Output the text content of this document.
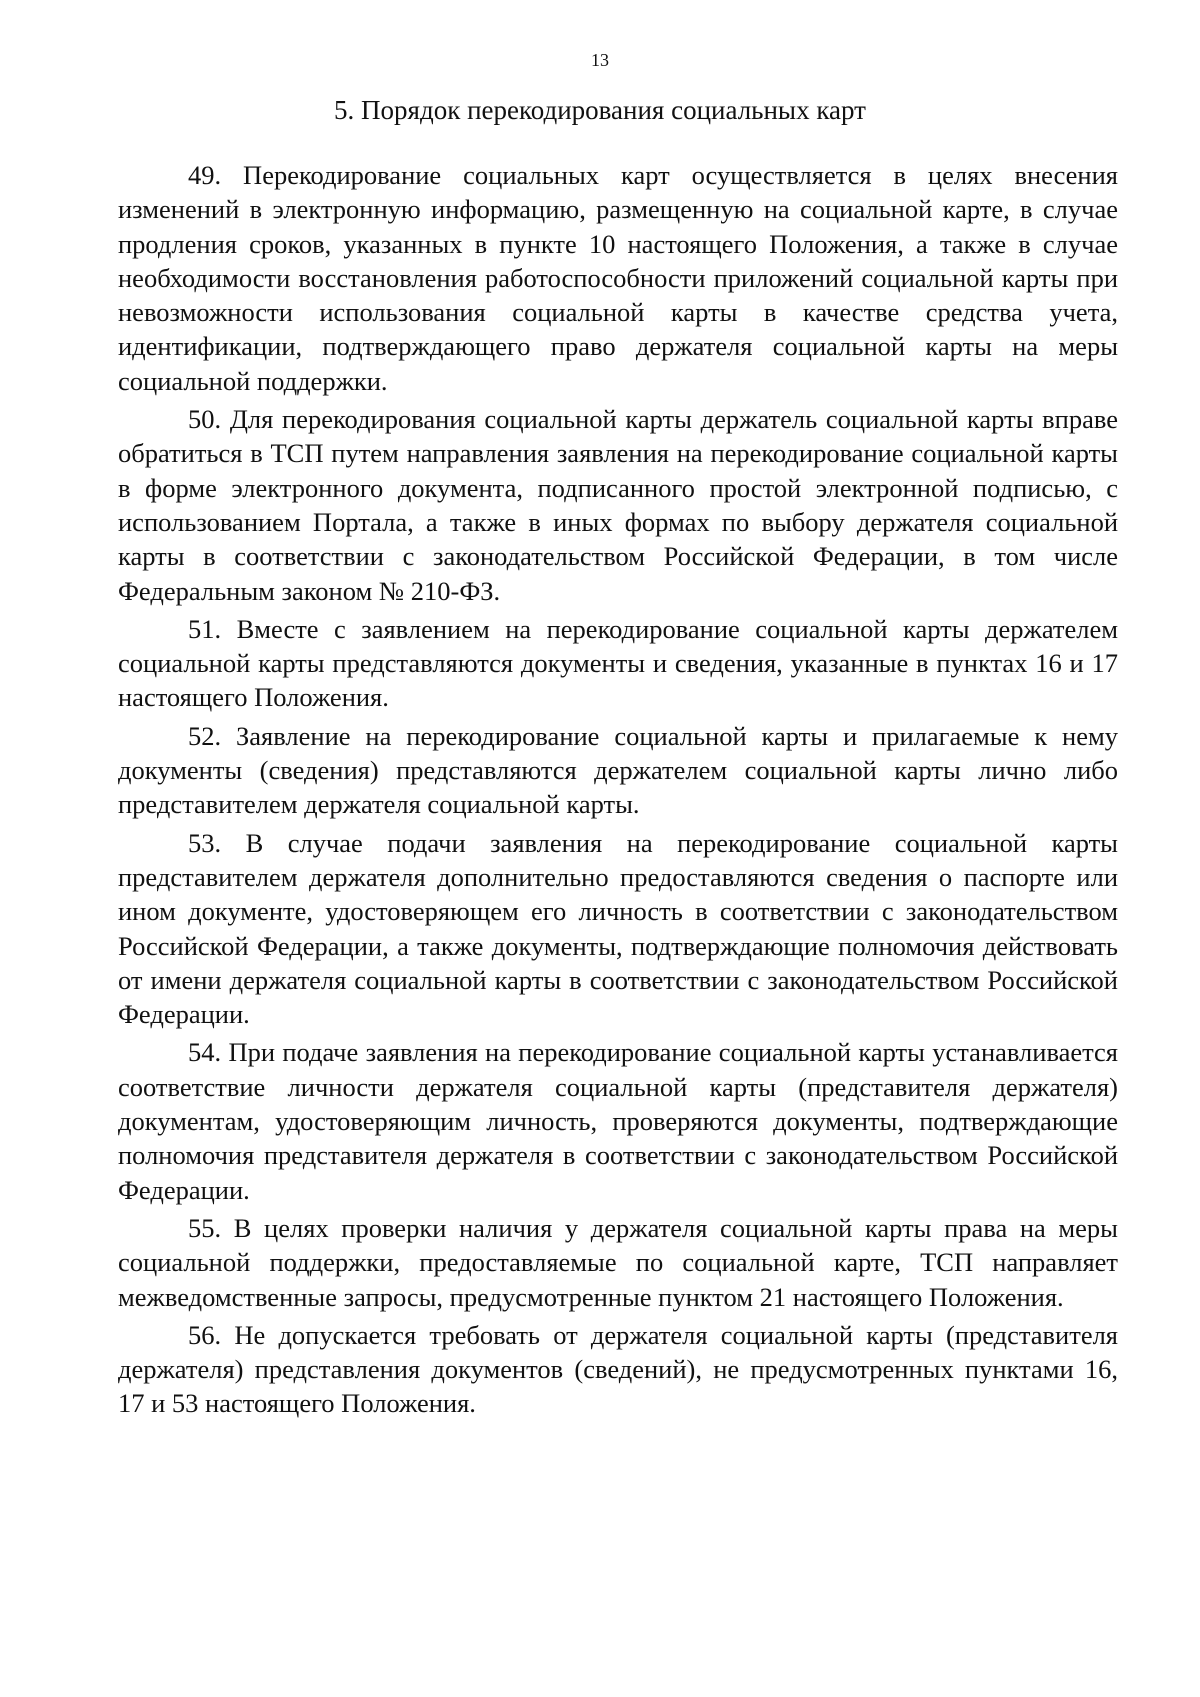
13
5. Порядок перекодирования социальных карт

49. Перекодирование социальных карт осуществляется в целях внесения изменений в электронную информацию, размещенную на социальной карте, в случае продления сроков, указанных в пункте 10 настоящего Положения, а также в случае необходимости восстановления работоспособности приложений социальной карты при невозможности использования социальной карты в качестве средства учета, идентификации, подтверждающего право держателя социальной карты на меры социальной поддержки.

50. Для перекодирования социальной карты держатель социальной карты вправе обратиться в ТСП путем направления заявления на перекодирование социальной карты в форме электронного документа, подписанного простой электронной подписью, с использованием Портала, а также в иных формах по выбору держателя социальной карты в соответствии с законодательством Российской Федерации, в том числе Федеральным законом № 210-ФЗ.

51. Вместе с заявлением на перекодирование социальной карты держателем социальной карты представляются документы и сведения, указанные в пунктах 16 и 17 настоящего Положения.

52. Заявление на перекодирование социальной карты и прилагаемые к нему документы (сведения) представляются держателем социальной карты лично либо представителем держателя социальной карты.

53. В случае подачи заявления на перекодирование социальной карты представителем держателя дополнительно предоставляются сведения о паспорте или ином документе, удостоверяющем его личность в соответствии с законодательством Российской Федерации, а также документы, подтверждающие полномочия действовать от имени держателя социальной карты в соответствии с законодательством Российской Федерации.

54. При подаче заявления на перекодирование социальной карты устанавливается соответствие личности держателя социальной карты (представителя держателя) документам, удостоверяющим личность, проверяются документы, подтверждающие полномочия представителя держателя в соответствии с законодательством Российской Федерации.

55. В целях проверки наличия у держателя социальной карты права на меры социальной поддержки, предоставляемые по социальной карте, ТСП направляет межведомственные запросы, предусмотренные пунктом 21 настоящего Положения.

56. Не допускается требовать от держателя социальной карты (представителя держателя) представления документов (сведений), не предусмотренных пунктами 16, 17 и 53 настоящего Положения.
